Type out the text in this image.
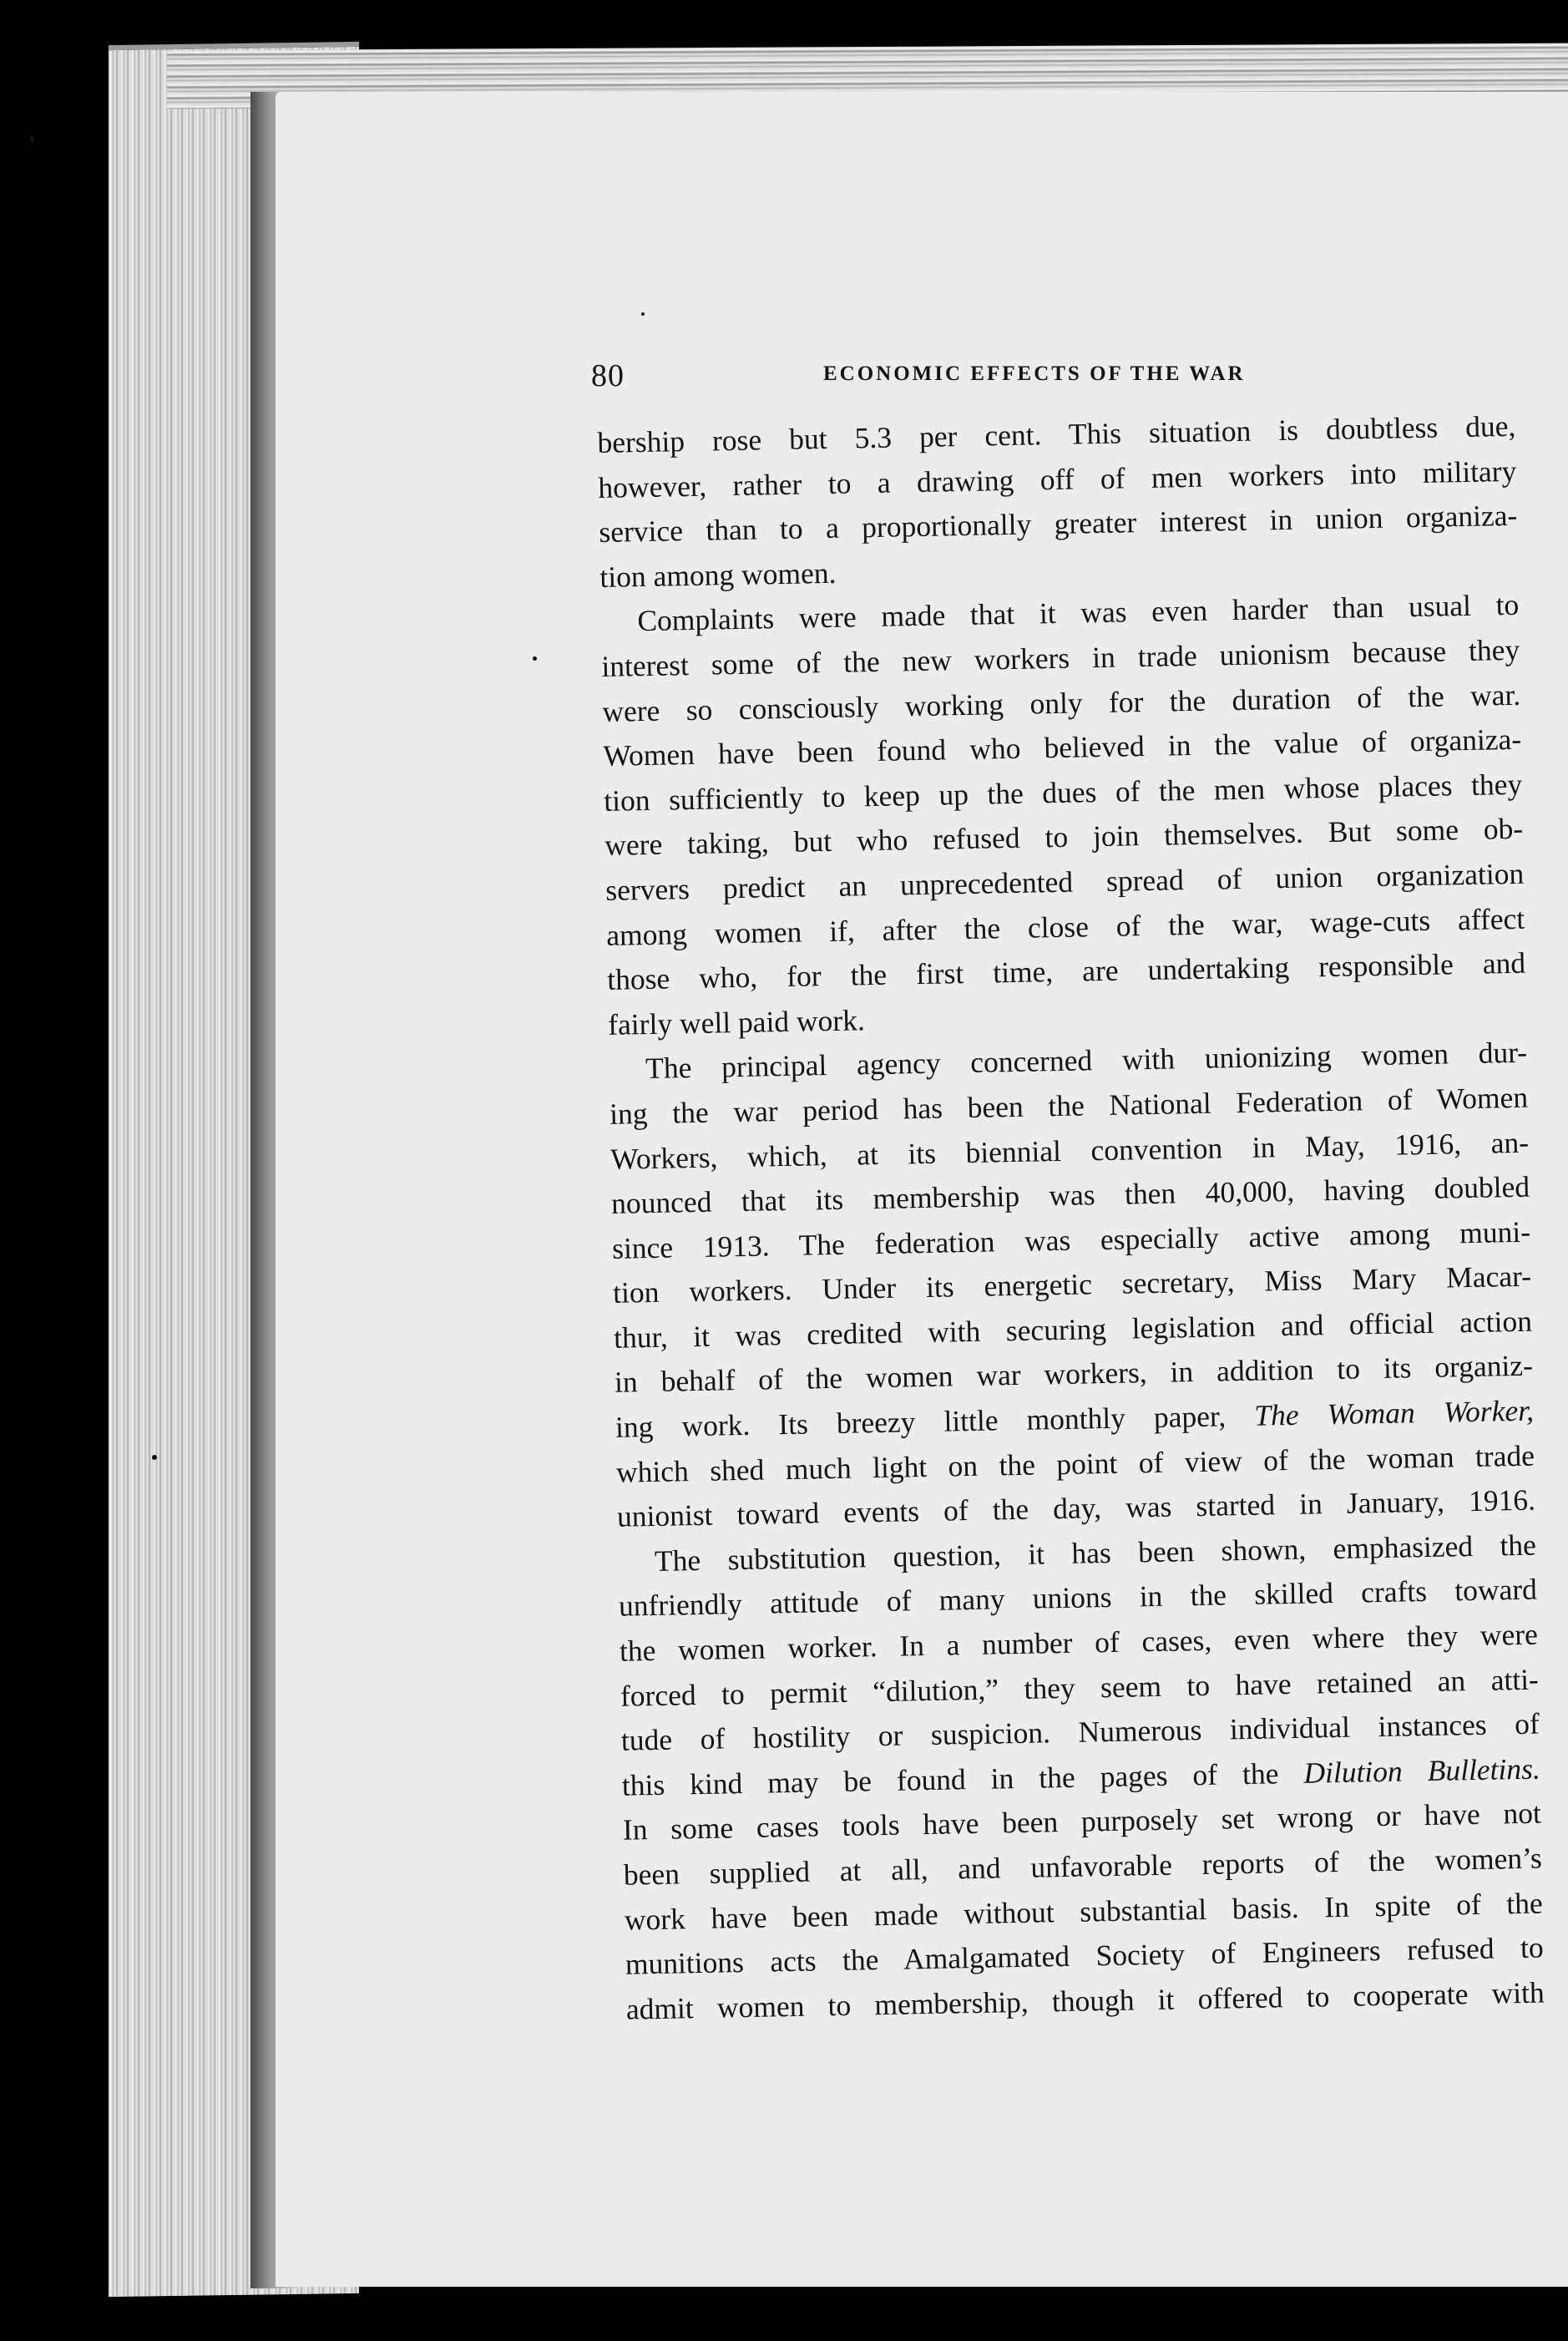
80	ECONOMIC EFFECTS OF THE WAR
bership rose but 5.3 per cent. This situation is doubtless due,
however, rather to a drawing off of men workers into military
service than to a proportionally greater interest in union organiza-
tion among women.
Complaints were made that it was even harder than usual to
interest some of the new workers in trade unionism because they
were so consciously working only for the duration of the war.
Women have been found who believed in the value of organiza-
tion sufficiently to keep up the dues of the men whose places they
were taking, but who refused to join themselves. But some ob-
servers predict an unprecedented spread of union organization
among women if, after the close of the war, wage-cuts affect
those who, for the first time, are undertaking responsible and
fairly well paid work.
The principal agency concerned with unionizing women dur-
ing the war period has been the National Federation of Women
Workers, which, at its biennial convention in May, 1916, an-
nounced that its membership was then 40,000, having doubled
since 1913. The federation was especially active among muni-
tion workers. Under its energetic secretary, Miss Mary Macar-
thur, it was credited with securing legislation and official action
in behalf of the women war workers, in addition to its organiz-
ing work. Its breezy little monthly paper, The Woman Worker,
which shed much light on the point of view of the woman trade
unionist toward events of the day, was started in January, 1916.
The substitution question, it has been shown, emphasized the
unfriendly attitude of many unions in the skilled crafts toward
the women worker. In a number of cases, even where they were
forced to permit “dilution,” they seem to have retained an atti-
tude of hostility or suspicion. Numerous individual instances of
this kind may be found in the pages of the Dilution Bulletins.
In some cases tools have been purposely set wrong or have not
been supplied at all, and unfavorable reports of the women’s
work have been made without substantial basis. In spite of the
munitions acts the Amalgamated Society of Engineers refused to
admit women to membership, though it offered to cooperate with
